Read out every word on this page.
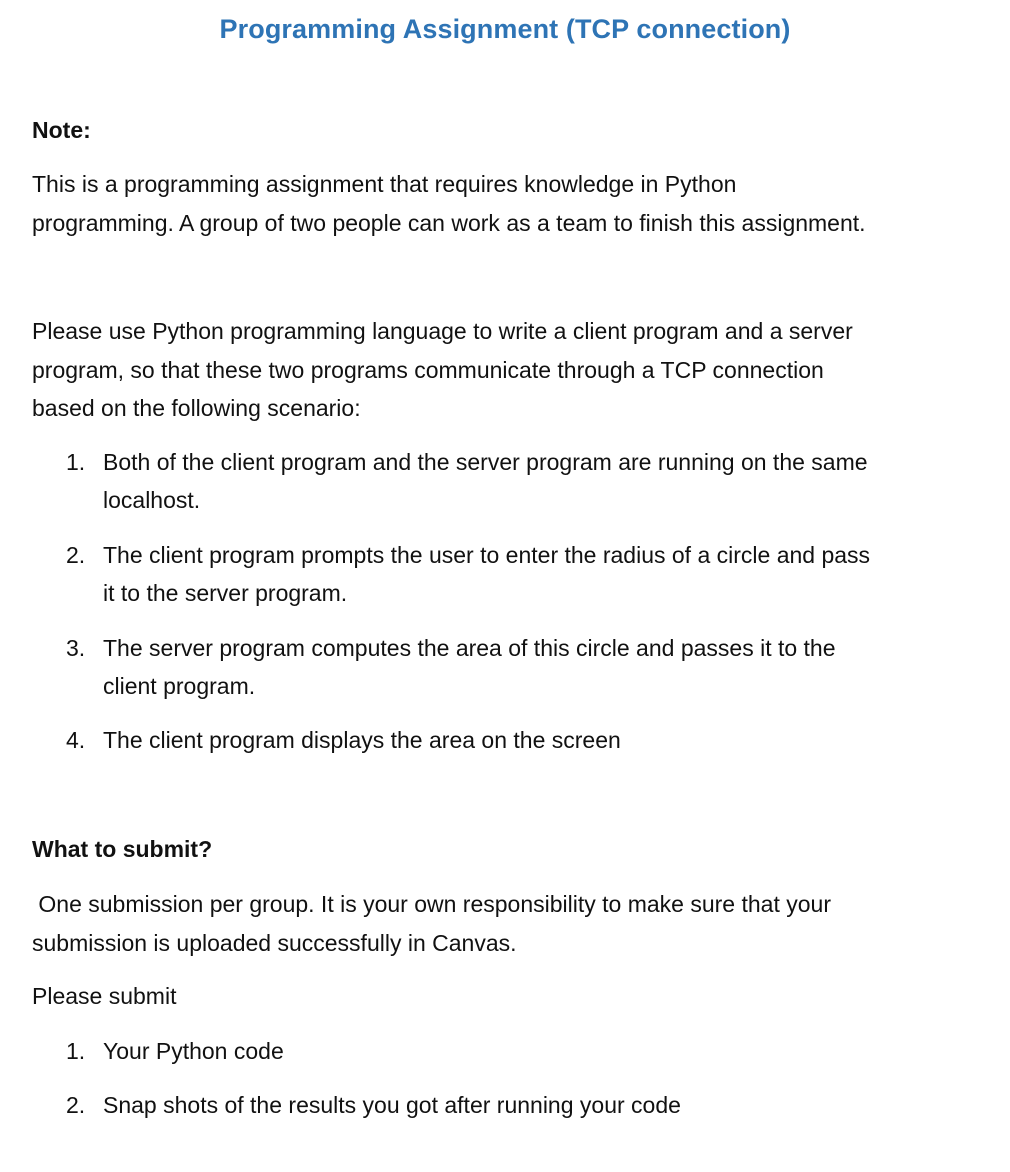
Programming Assignment (TCP connection)
Note:
This is a programming assignment that requires knowledge in Python
programming. A group of two people can work as a team to finish this assignment.
Please use Python programming language to write a client program and a server
program, so that these two programs communicate through a TCP connection
based on the following scenario:
1. Both of the client program and the server program are running on the same
localhost.
2. The client program prompts the user to enter the radius of a circle and pass
it to the server program.
3. The server program computes the area of this circle and passes it to the
client program.
4. The client program displays the area on the screen
What to submit?
One submission per group. It is your own responsibility to make sure that your
submission is uploaded successfully in Canvas.
Please submit
1. Your Python code
2. Snap shots of the results you got after running your code
